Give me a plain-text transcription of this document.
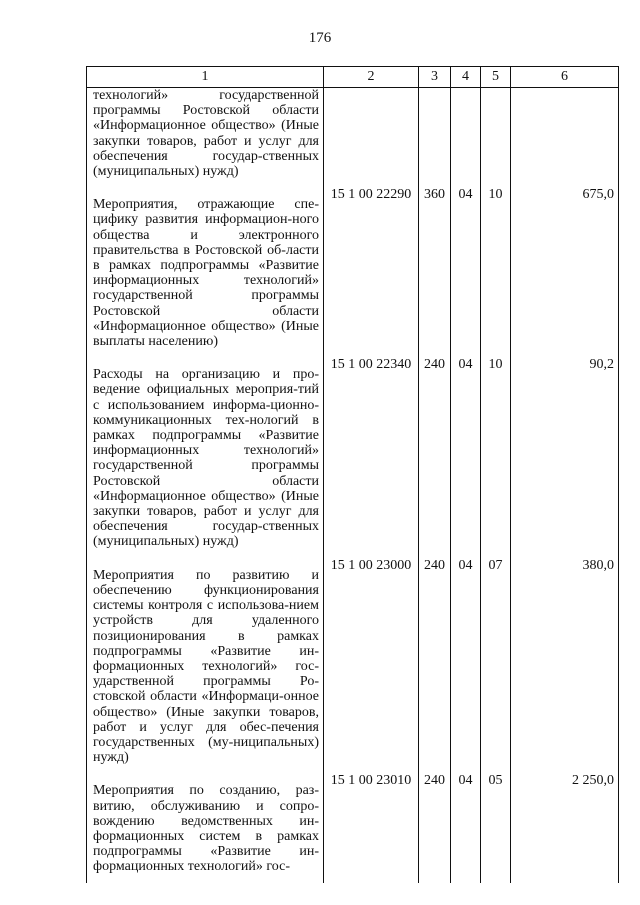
176
1	2	3	4	5	6
технологий» государственной программы Ростовской области «Информационное общество» (Иные закупки товаров, работ и услуг для обеспечения государ-ственных (муниципальных) нужд)					
Мероприятия, отражающие спе-цифику развития информацион-ного общества и электронного правительства в Ростовской об-ласти в рамках подпрограммы «Развитие информационных технологий» государственной программы Ростовской области «Информационное общество» (Иные выплаты населению)	15 1 00 22290	360	04	10	675,0
Расходы на организацию и про-ведение официальных мероприя-тий с использованием информа-ционно-коммуникационных тех-нологий в рамках подпрограммы «Развитие информационных технологий» государственной программы Ростовской области «Информационное общество» (Иные закупки товаров, работ и услуг для обеспечения государ-ственных (муниципальных) нужд)	15 1 00 22340	240	04	10	90,2
Мероприятия по развитию и обеспечению функционирования системы контроля с использова-нием устройств для удаленного позиционирования в рамках подпрограммы «Развитие ин-формационных технологий» гос-ударственной программы Ро-стовской области «Информаци-онное общество» (Иные закупки товаров, работ и услуг для обес-печения государственных (му-ниципальных) нужд)	15 1 00 23000	240	04	07	380,0
Мероприятия по созданию, раз-витию, обслуживанию и сопро-вождению ведомственных ин-формационных систем в рамках подпрограммы «Развитие ин-формационных технологий» гос-	15 1 00 23010	240	04	05	2 250,0
